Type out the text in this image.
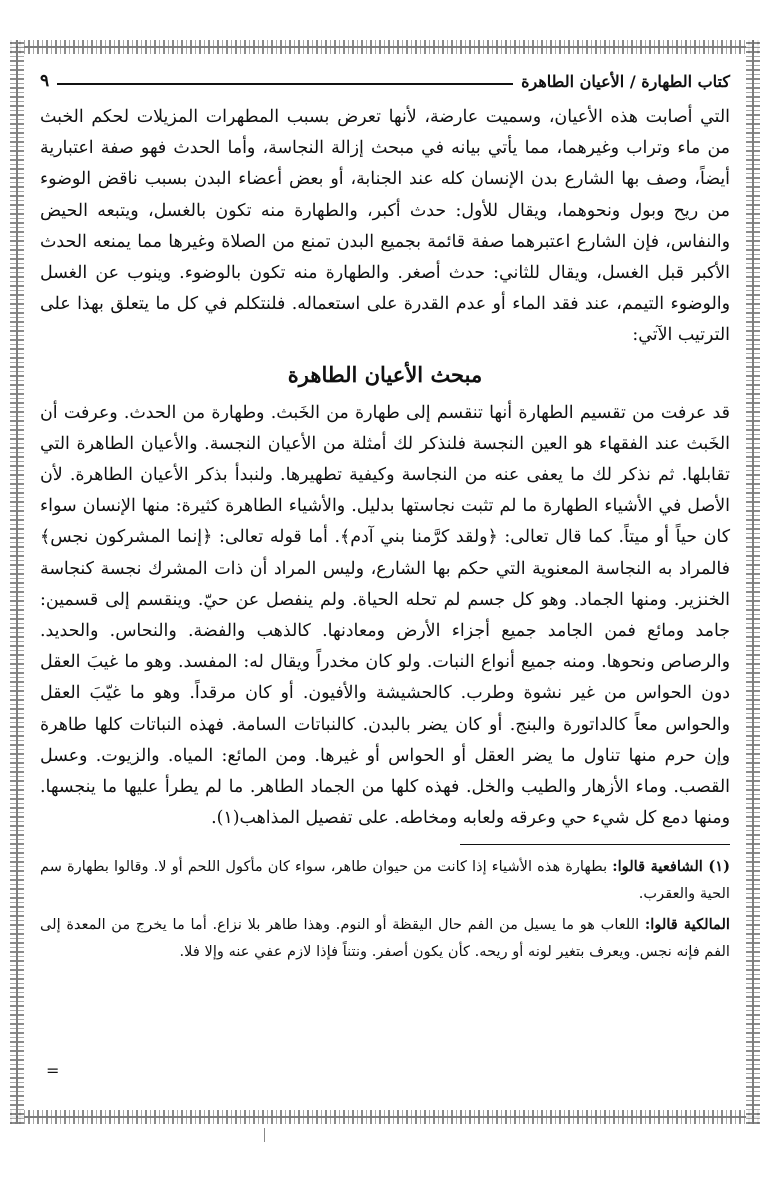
كتاب الطهارة / الأعيان الطاهرة
٩

التي أصابت هذه الأعيان، وسميت عارضة، لأنها تعرض بسبب المطهرات المزيلات لحكم الخبث من ماء وتراب وغيرهما، مما يأتي بيانه في مبحث إزالة النجاسة، وأما الحدث فهو صفة اعتبارية أيضاً، وصف بها الشارع بدن الإنسان كله عند الجنابة، أو بعض أعضاء البدن بسبب ناقض الوضوء من ريح وبول ونحوهما، ويقال للأول: حدث أكبر، والطهارة منه تكون بالغسل، ويتبعه الحيض والنفاس، فإن الشارع اعتبرهما صفة قائمة بجميع البدن تمنع من الصلاة وغيرها مما يمنعه الحدث الأكبر قبل الغسل، ويقال للثاني: حدث أصغر. والطهارة منه تكون بالوضوء. وينوب عن الغسل والوضوء التيمم، عند فقد الماء أو عدم القدرة على استعماله. فلنتكلم في كل ما يتعلق بهذا على الترتيب الآتي:

مبحث الأعيان الطاهرة

قد عرفت من تقسيم الطهارة أنها تنقسم إلى طهارة من الخَبث. وطهارة من الحدث. وعرفت أن الخَبث عند الفقهاء هو العين النجسة فلنذكر لك أمثلة من الأعيان النجسة. والأعيان الطاهرة التي تقابلها. ثم نذكر لك ما يعفى عنه من النجاسة وكيفية تطهيرها. ولنبدأ بذكر الأعيان الطاهرة. لأن الأصل في الأشياء الطهارة ما لم تثبت نجاستها بدليل. والأشياء الطاهرة كثيرة: منها الإنسان سواء كان حياً أو ميتاً. كما قال تعالى: ﴿ولقد كرَّمنا بني آدم﴾. أما قوله تعالى: ﴿إنما المشركون نجس﴾ فالمراد به النجاسة المعنوية التي حكم بها الشارع، وليس المراد أن ذات المشرك نجسة كنجاسة الخنزير. ومنها الجماد. وهو كل جسم لم تحله الحياة. ولم ينفصل عن حيّ. وينقسم إلى قسمين: جامد ومائع فمن الجامد جميع أجزاء الأرض ومعادنها. كالذهب والفضة. والنحاس. والحديد. والرصاص ونحوها. ومنه جميع أنواع النبات. ولو كان مخدراً ويقال له: المفسد. وهو ما غيبَ العقل دون الحواس من غير نشوة وطرب. كالحشيشة والأفيون. أو كان مرقداً. وهو ما غيّبَ العقل والحواس معاً كالداتورة والبنج. أو كان يضر بالبدن. كالنباتات السامة. فهذه النباتات كلها طاهرة وإن حرم منها تناول ما يضر العقل أو الحواس أو غيرها. ومن المائع: المياه. والزيوت. وعسل القصب. وماء الأزهار والطيب والخل. فهذه كلها من الجماد الطاهر. ما لم يطرأ عليها ما ينجسها. ومنها دمع كل شيء حي وعرقه ولعابه ومخاطه. على تفصيل المذاهب(١).

(١) الشافعية قالوا: بطهارة هذه الأشياء إذا كانت من حيوان طاهر، سواء كان مأكول اللحم أو لا. وقالوا بطهارة سم الحية والعقرب.

المالكية قالوا: اللعاب هو ما يسيل من الفم حال اليقظة أو النوم. وهذا طاهر بلا نزاع. أما ما يخرج من المعدة إلى الفم فإنه نجس. ويعرف بتغير لونه أو ريحه. كأن يكون أصفر. ونتناً فإذا لازم عفي عنه وإلا فلا.

=
